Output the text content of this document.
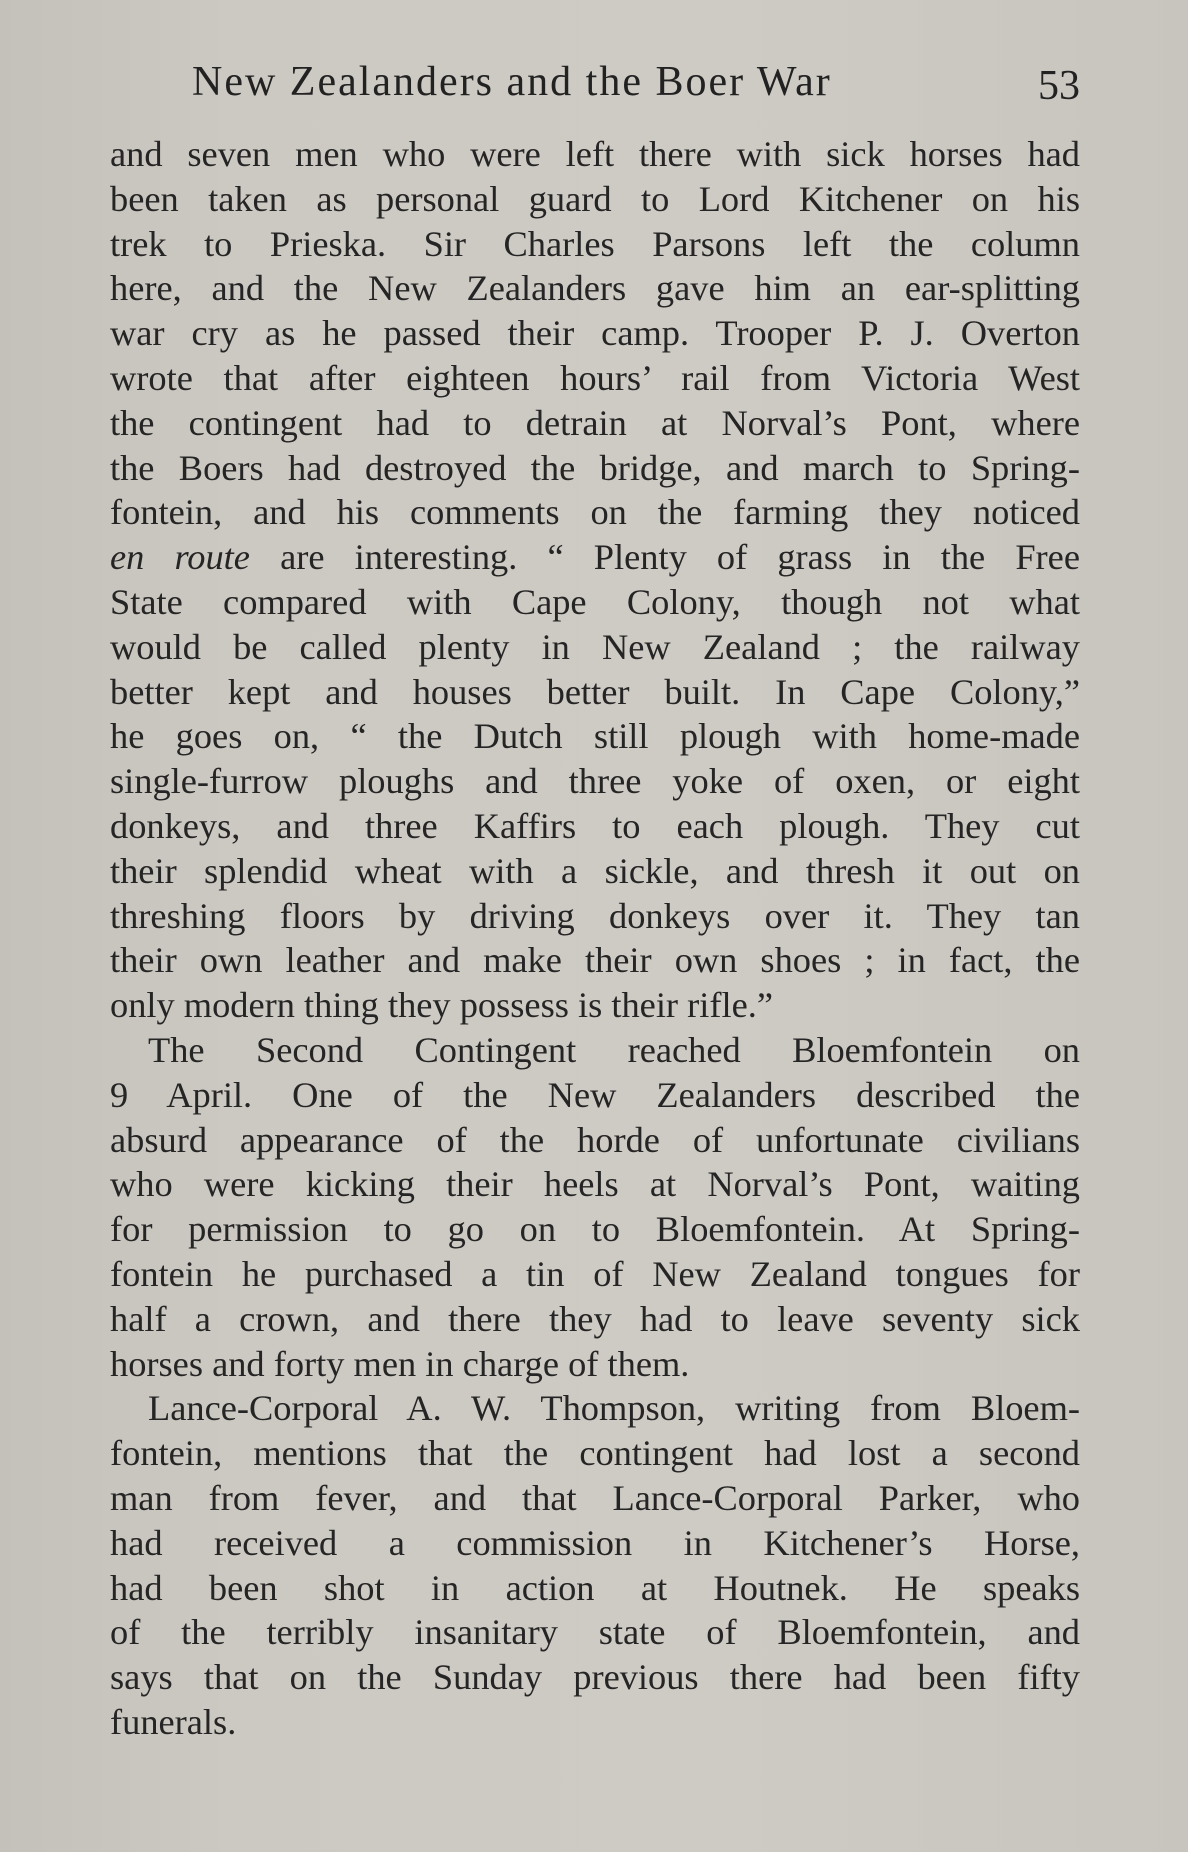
New Zealanders and the Boer War	53
and seven men who were left there with sick horses had
been taken as personal guard to Lord Kitchener on his
trek to Prieska. Sir Charles Parsons left the column
here, and the New Zealanders gave him an ear-splitting
war cry as he passed their camp. Trooper P. J. Overton
wrote that after eighteen hours’ rail from Victoria West
the contingent had to detrain at Norval’s Pont, where
the Boers had destroyed the bridge, and march to Spring-
fontein, and his comments on the farming they noticed
en route are interesting. “ Plenty of grass in the Free
State compared with Cape Colony, though not what
would be called plenty in New Zealand ; the railway
better kept and houses better built. In Cape Colony,”
he goes on, “ the Dutch still plough with home-made
single-furrow ploughs and three yoke of oxen, or eight
donkeys, and three Kaffirs to each plough. They cut
their splendid wheat with a sickle, and thresh it out on
threshing floors by driving donkeys over it. They tan
their own leather and make their own shoes ; in fact, the
only modern thing they possess is their rifle.”
The Second Contingent reached Bloemfontein on
9 April. One of the New Zealanders described the
absurd appearance of the horde of unfortunate civilians
who were kicking their heels at Norval’s Pont, waiting
for permission to go on to Bloemfontein. At Spring-
fontein he purchased a tin of New Zealand tongues for
half a crown, and there they had to leave seventy sick
horses and forty men in charge of them.
Lance-Corporal A. W. Thompson, writing from Bloem-
fontein, mentions that the contingent had lost a second
man from fever, and that Lance-Corporal Parker, who
had received a commission in Kitchener’s Horse,
had been shot in action at Houtnek. He speaks
of the terribly insanitary state of Bloemfontein, and
says that on the Sunday previous there had been fifty
funerals.
